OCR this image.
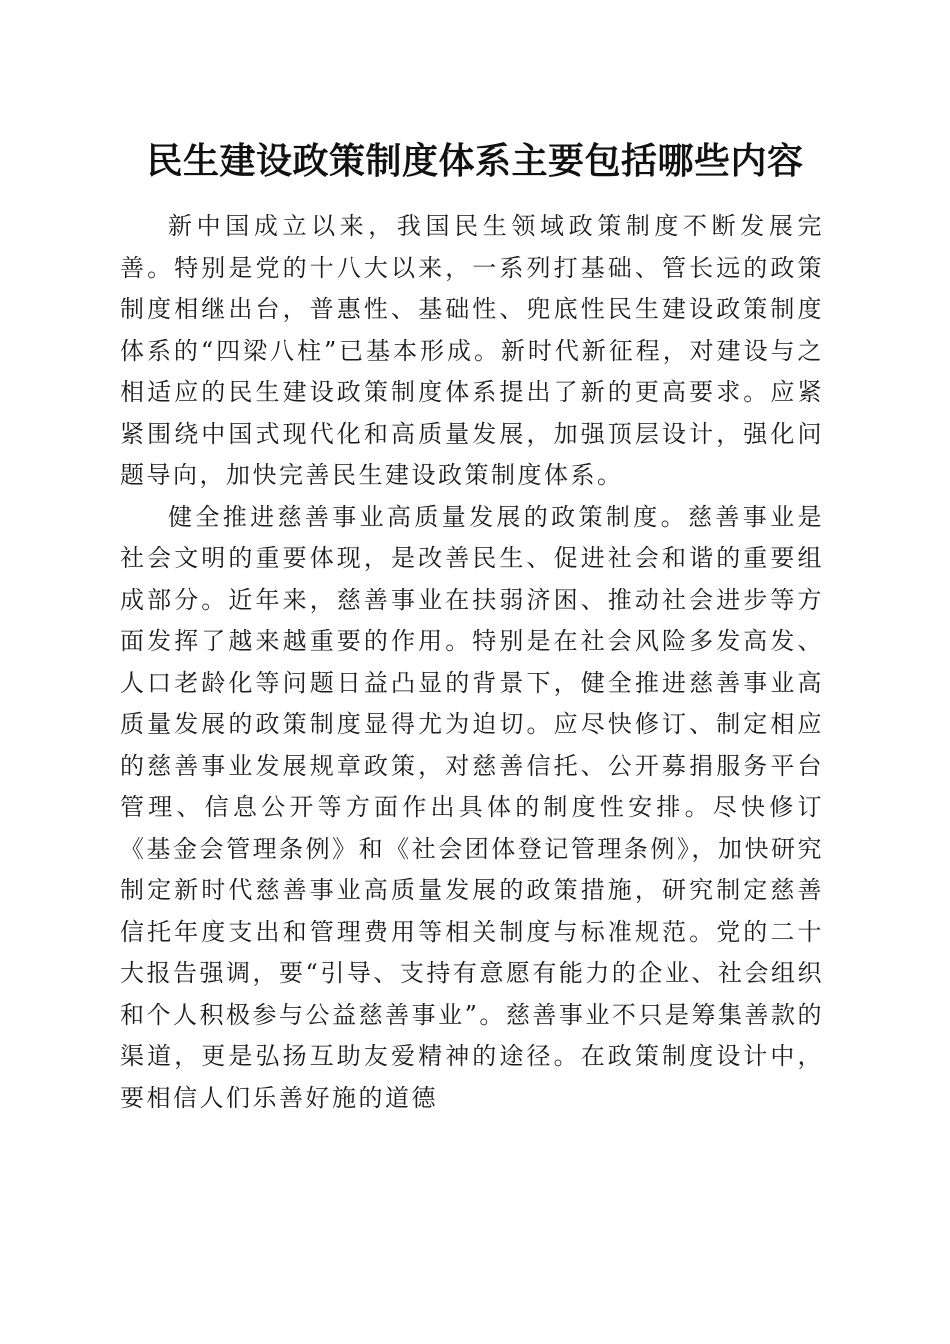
民生建设政策制度体系主要包括哪些内容

新中国成立以来，我国民生领域政策制度不断发展完善。特别是党的十八大以来，一系列打基础、管长远的政策制度相继出台，普惠性、基础性、兜底性民生建设政策制度体系的“四梁八柱”已基本形成。新时代新征程，对建设与之相适应的民生建设政策制度体系提出了新的更高要求。应紧紧围绕中国式现代化和高质量发展，加强顶层设计，强化问题导向，加快完善民生建设政策制度体系。

健全推进慈善事业高质量发展的政策制度。慈善事业是社会文明的重要体现，是改善民生、促进社会和谐的重要组成部分。近年来，慈善事业在扶弱济困、推动社会进步等方面发挥了越来越重要的作用。特别是在社会风险多发高发、人口老龄化等问题日益凸显的背景下，健全推进慈善事业高质量发展的政策制度显得尤为迫切。应尽快修订、制定相应的慈善事业发展规章政策，对慈善信托、公开募捐服务平台管理、信息公开等方面作出具体的制度性安排。尽快修订《基金会管理条例》和《社会团体登记管理条例》，加快研究制定新时代慈善事业高质量发展的政策措施，研究制定慈善信托年度支出和管理费用等相关制度与标准规范。党的二十大报告强调，要“引导、支持有意愿有能力的企业、社会组织和个人积极参与公益慈善事业”。慈善事业不只是筹集善款的渠道，更是弘扬互助友爱精神的途径。在政策制度设计中，要相信人们乐善好施的道德
